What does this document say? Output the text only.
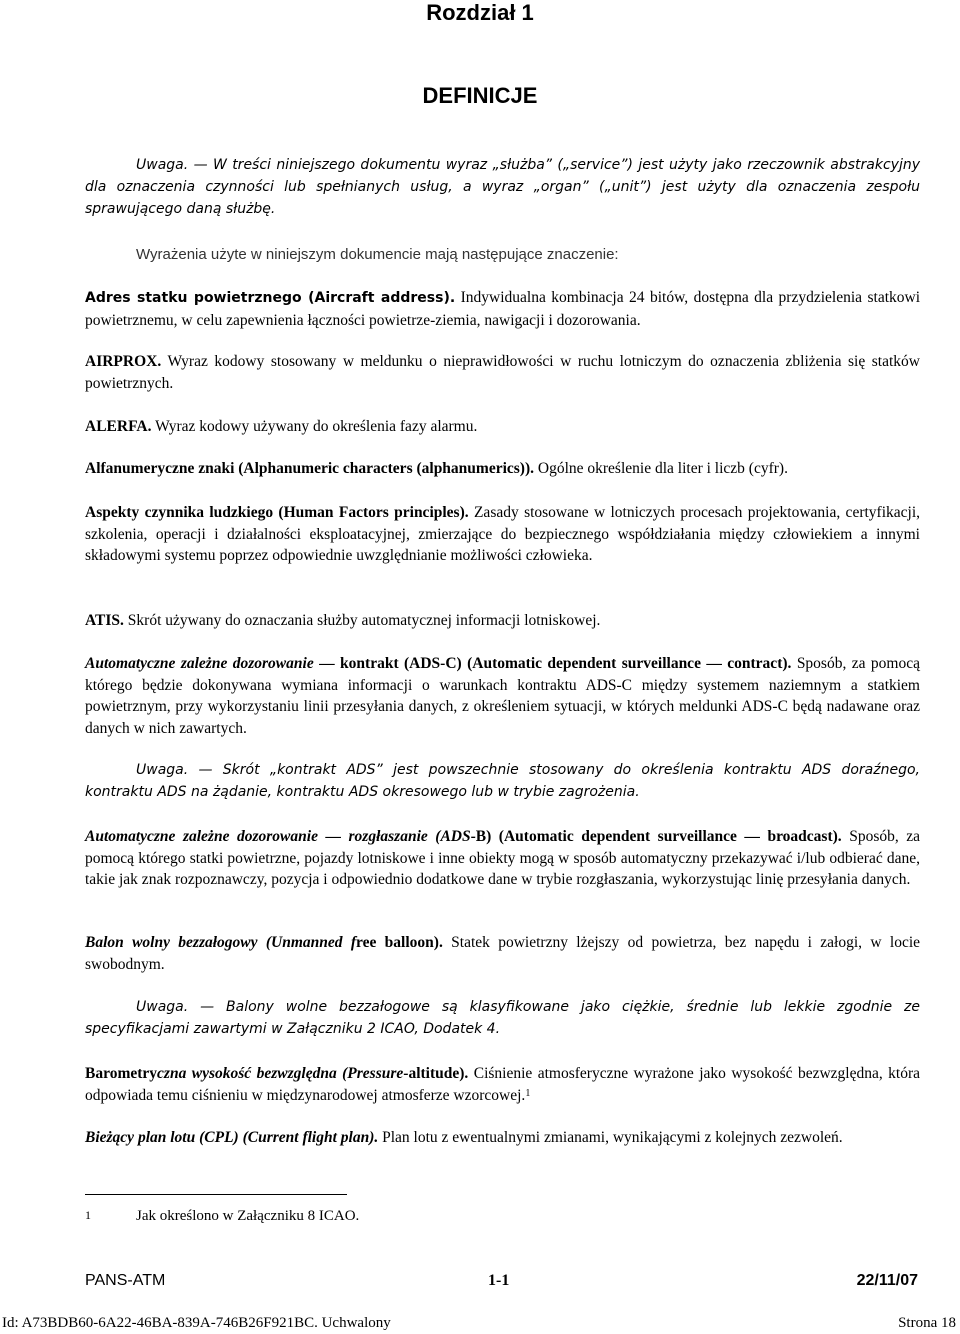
Rozdział 1
DEFINICJE
Uwaga. — W treści niniejszego dokumentu wyraz „służba” („service”) jest użyty jako rzeczownik abstrakcyjny dla oznaczenia czynności lub spełnianych usług, a wyraz „organ” („unit”) jest użyty dla oznaczenia zespołu sprawującego daną służbę.
Wyrażenia użyte w niniejszym dokumencie mają następujące znaczenie:
Adres statku powietrznego (Aircraft address). Indywidualna kombinacja 24 bitów, dostępna dla przydzielenia statkowi powietrznemu, w celu zapewnienia łączności powietrze-ziemia, nawigacji i dozorowania.
AIRPROX. Wyraz kodowy stosowany w meldunku o nieprawidłowości w ruchu lotniczym do oznaczenia zbliżenia się statków powietrznych.
ALERFA. Wyraz kodowy używany do określenia fazy alarmu.
Alfanumeryczne znaki (Alphanumeric characters (alphanumerics)). Ogólne określenie dla liter i liczb (cyfr).
Aspekty czynnika ludzkiego (Human Factors principles). Zasady stosowane w lotniczych procesach projektowania, certyfikacji, szkolenia, operacji i działalności eksploatacyjnej, zmierzające do bezpiecznego współdziałania między człowiekiem a innymi składowymi systemu poprzez odpowiednie uwzględnianie możliwości człowieka.
ATIS. Skrót używany do oznaczania służby automatycznej informacji lotniskowej.
Automatyczne zależne dozorowanie — kontrakt (ADS-C) (Automatic dependent surveillance — contract). Sposób, za pomocą którego będzie dokonywana wymiana informacji o warunkach kontraktu ADS-C między systemem naziemnym a statkiem powietrznym, przy wykorzystaniu linii przesyłania danych, z określeniem sytuacji, w których meldunki ADS-C będą nadawane oraz danych w nich zawartych.
Uwaga. — Skrót „kontrakt ADS” jest powszechnie stosowany do określenia kontraktu ADS doraźnego, kontraktu ADS na żądanie, kontraktu ADS okresowego lub w trybie zagrożenia.
Automatyczne zależne dozorowanie — rozgłaszanie (ADS-B) (Automatic dependent surveillance — broadcast). Sposób, za pomocą którego statki powietrzne, pojazdy lotniskowe i inne obiekty mogą w sposób automatyczny przekazywać i/lub odbierać dane, takie jak znak rozpoznawczy, pozycja i odpowiednio dodatkowe dane w trybie rozgłaszania, wykorzystując linię przesyłania danych.
Balon wolny bezzałogowy (Unmanned free balloon). Statek powietrzny lżejszy od powietrza, bez napędu i załogi, w locie swobodnym.
Uwaga. — Balony wolne bezzałogowe są klasyfikowane jako ciężkie, średnie lub lekkie zgodnie ze specyfikacjami zawartymi w Załączniku 2 ICAO, Dodatek 4.
Barometryczna wysokość bezwzględna (Pressure-altitude). Ciśnienie atmosferyczne wyrażone jako wysokość bezwzględna, która odpowiada temu ciśnieniu w międzynarodowej atmosferze wzorcowej.$^1$
Bieżący plan lotu (CPL) (Current flight plan). Plan lotu z ewentualnymi zmianami, wynikającymi z kolejnych zezwoleń.
1	Jak określono w Załączniku 8 ICAO.
PANS-ATM	1-1	22/11/07
Id: A73BDB60-6A22-46BA-839A-746B26F921BC. Uchwalony	Strona 18
